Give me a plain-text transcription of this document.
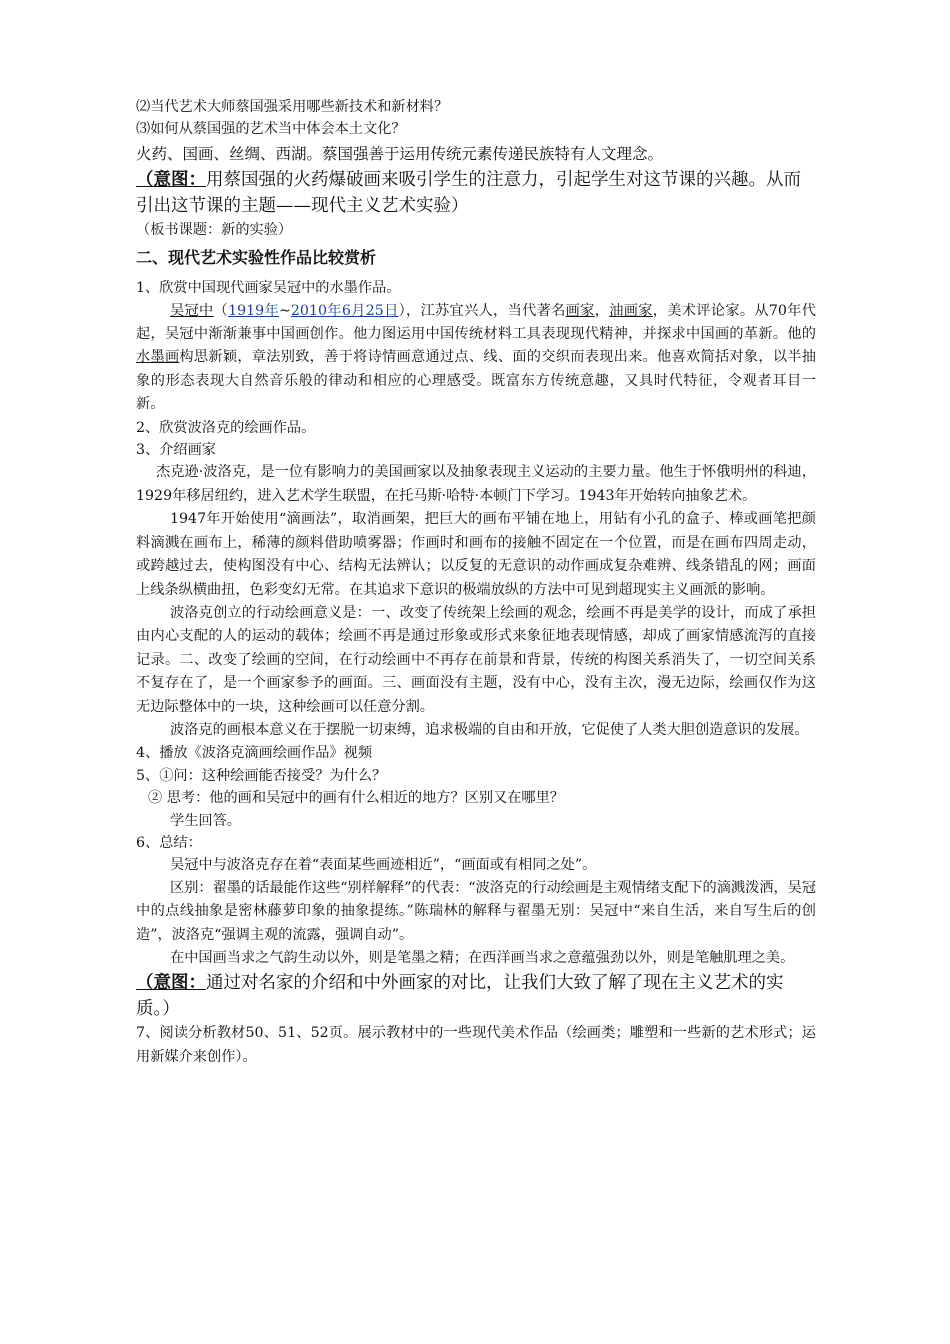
⑵当代艺术大师蔡国强采用哪些新技术和新材料？

⑶如何从蔡国强的艺术当中体会本土文化？

火药、国画、丝绸、西湖。蔡国强善于运用传统元素传递民族特有人文理念。

（意图：用蔡国强的火药爆破画来吸引学生的注意力，引起学生对这节课的兴趣。从而引出这节课的主题——现代主义艺术实验）

（板书课题：新的实验）

二、现代艺术实验性作品比较赏析

1、欣赏中国现代画家吴冠中的水墨作品。

吴冠中（1919年~2010年6月25日），江苏宜兴人，当代著名画家，油画家，美术评论家。从70年代起，吴冠中渐渐兼事中国画创作。他力图运用中国传统材料工具表现现代精神，并探求中国画的革新。他的水墨画构思新颖，章法别致，善于将诗情画意通过点、线、面的交织而表现出来。他喜欢简括对象，以半抽象的形态表现大自然音乐般的律动和相应的心理感受。既富东方传统意趣，又具时代特征，令观者耳目一新。

2、欣赏波洛克的绘画作品。

3、介绍画家

杰克逊·波洛克，是一位有影响力的美国画家以及抽象表现主义运动的主要力量。他生于怀俄明州的科迪，1929年移居纽约，进入艺术学生联盟，在托马斯·哈特·本顿门下学习。1943年开始转向抽象艺术。

1947年开始使用“滴画法”，取消画架，把巨大的画布平铺在地上，用钻有小孔的盒子、棒或画笔把颜料滴溅在画布上，稀薄的颜料借助喷雾器；作画时和画布的接触不固定在一个位置，而是在画布四周走动，或跨越过去，使构图没有中心、结构无法辨认；以反复的无意识的动作画成复杂难辨、线条错乱的网；画面上线条纵横曲扭，色彩变幻无常。在其追求下意识的极端放纵的方法中可见到超现实主义画派的影响。

波洛克创立的行动绘画意义是：一、改变了传统架上绘画的观念，绘画不再是美学的设计，而成了承担由内心支配的人的运动的载体；绘画不再是通过形象或形式来象征地表现情感，却成了画家情感流泻的直接记录。二、改变了绘画的空间，在行动绘画中不再存在前景和背景，传统的构图关系消失了，一切空间关系不复存在了，是一个画家参予的画面。三、画面没有主题，没有中心，没有主次，漫无边际，绘画仅作为这无边际整体中的一块，这种绘画可以任意分割。

波洛克的画根本意义在于摆脱一切束缚，追求极端的自由和开放，它促使了人类大胆创造意识的发展。

4、播放《波洛克滴画绘画作品》视频

5、①问：这种绘画能否接受？为什么？

② 思考：他的画和吴冠中的画有什么相近的地方？区别又在哪里？

学生回答。

6、总结：

吴冠中与波洛克存在着“表面某些画迹相近”，“画面或有相同之处”。

区别：翟墨的话最能作这些“别样解释”的代表：“波洛克的行动绘画是主观情绪支配下的滴溅泼洒，吴冠中的点线抽象是密林藤萝印象的抽象提练。”陈瑞林的解释与翟墨无别：吴冠中“来自生活，来自写生后的创造”，波洛克“强调主观的流露，强调自动”。

在中国画当求之气韵生动以外，则是笔墨之精；在西洋画当求之意蕴强劲以外，则是笔触肌理之美。

（意图：通过对名家的介绍和中外画家的对比，让我们大致了解了现在主义艺术的实质。）

7、阅读分析教材50、51、52页。展示教材中的一些现代美术作品（绘画类；雕塑和一些新的艺术形式；运用新媒介来创作）。
